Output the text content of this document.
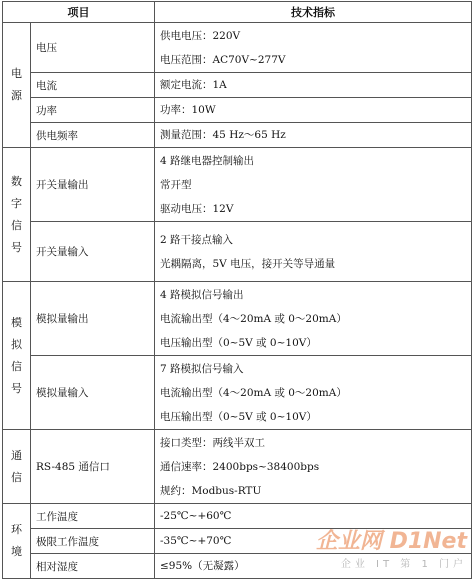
项目		技术指标

电
源	电压	供电电压：220V
电压范围：AC70V~277V

	电流	额定电流：1A

	功率	功率：10W

	供电频率	测量范围：45 Hz～65 Hz

数
字
信
号	开关量输出	4 路继电器控制输出
常开型
驱动电压：12V

	开关量输入	2 路干接点输入
光耦隔离，5V 电压，接开关等导通量

模
拟
信
号	模拟量输出	4 路模拟信号输出
电流输出型（4～20mA 或 0～20mA）
电压输出型（0~5V 或 0~10V）

	模拟量输入	7 路模拟信号输入
电流输出型（4～20mA 或 0～20mA）
电压输出型（0~5V 或 0~10V）

通
信	RS-485 通信口	接口类型：两线半双工
通信速率：2400bps~38400bps
规约：Modbus-RTU

环
境	工作温度	-25℃~+60℃

	极限工作温度	-35℃~+70℃

	相对湿度	≤95%（无凝露）
企业网 D1Net
企业 IT 第 1 门户
